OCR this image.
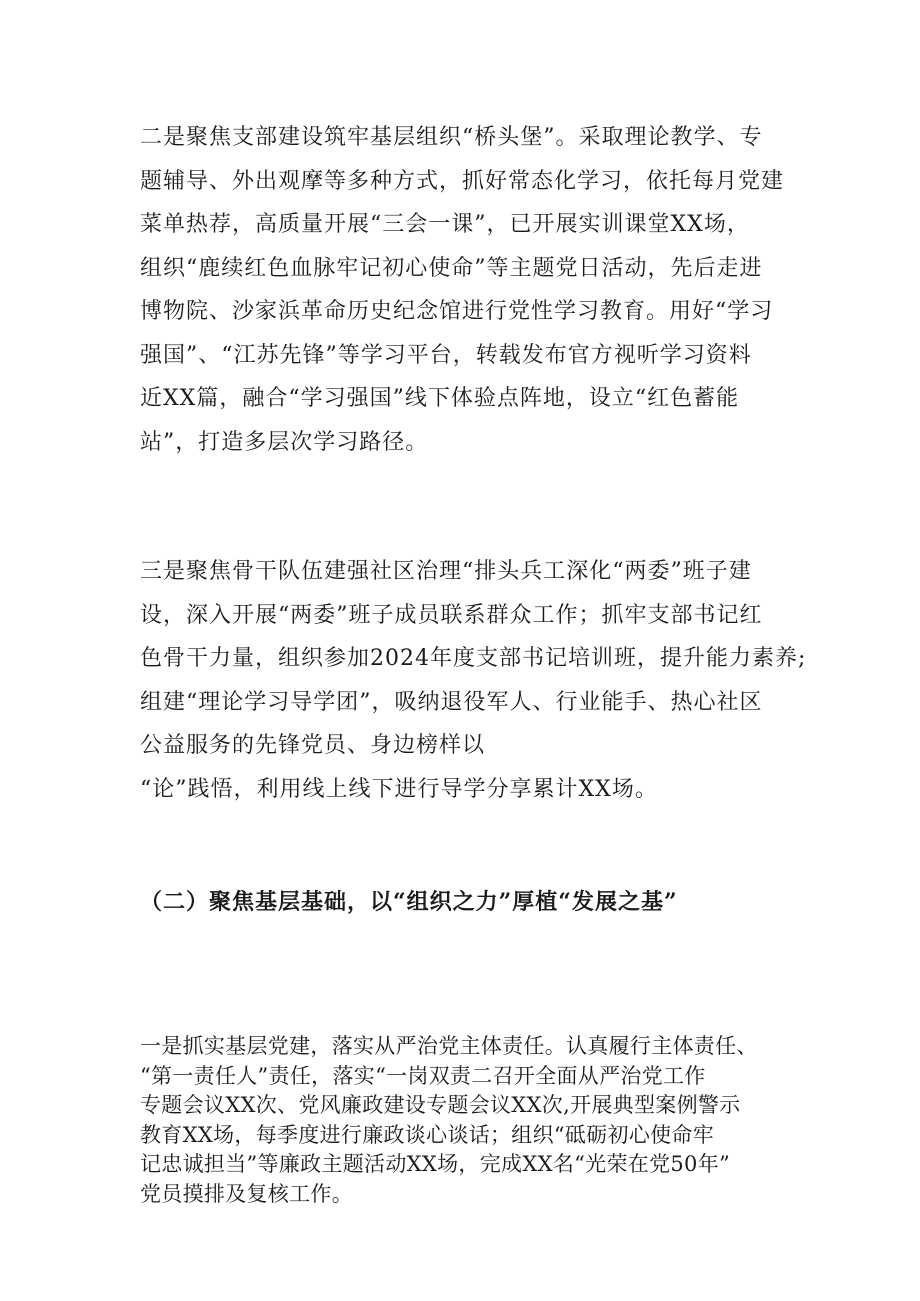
二是聚焦支部建设筑牢基层组织“桥头堡”。采取理论教学、专
题辅导、外出观摩等多种方式，抓好常态化学习，依托每月党建
菜单热荐，高质量开展“三会一课”，已开展实训课堂XX场，
组织“鹿续红色血脉牢记初心使命”等主题党日活动，先后走进
博物院、沙家浜革命历史纪念馆进行党性学习教育。用好“学习
强国”、“江苏先锋”等学习平台，转载发布官方视听学习资料
近XX篇，融合“学习强国”线下体验点阵地，设立“红色蓄能
站”，打造多层次学习路径。

三是聚焦骨干队伍建强社区治理“排头兵工深化“两委”班子建
设，深入开展“两委”班子成员联系群众工作；抓牢支部书记红
色骨干力量，组织参加2024年度支部书记培训班，提升能力素养;
组建“理论学习导学团”，吸纳退役军人、行业能手、热心社区
公益服务的先锋党员、身边榜样以
“论”践悟，利用线上线下进行导学分享累计XX场。

（二）聚焦基层基础，以“组织之力”厚植“发展之基”

一是抓实基层党建，落实从严治党主体责任。认真履行主体责任、
“第一责任人”责任，落实“一岗双责二召开全面从严治党工作
专题会议XX次、党风廉政建设专题会议XX次,开展典型案例警示
教育XX场，每季度进行廉政谈心谈话；组织“砥砺初心使命牢
记忠诚担当”等廉政主题活动XX场，完成XX名“光荣在党50年”
党员摸排及复核工作。
